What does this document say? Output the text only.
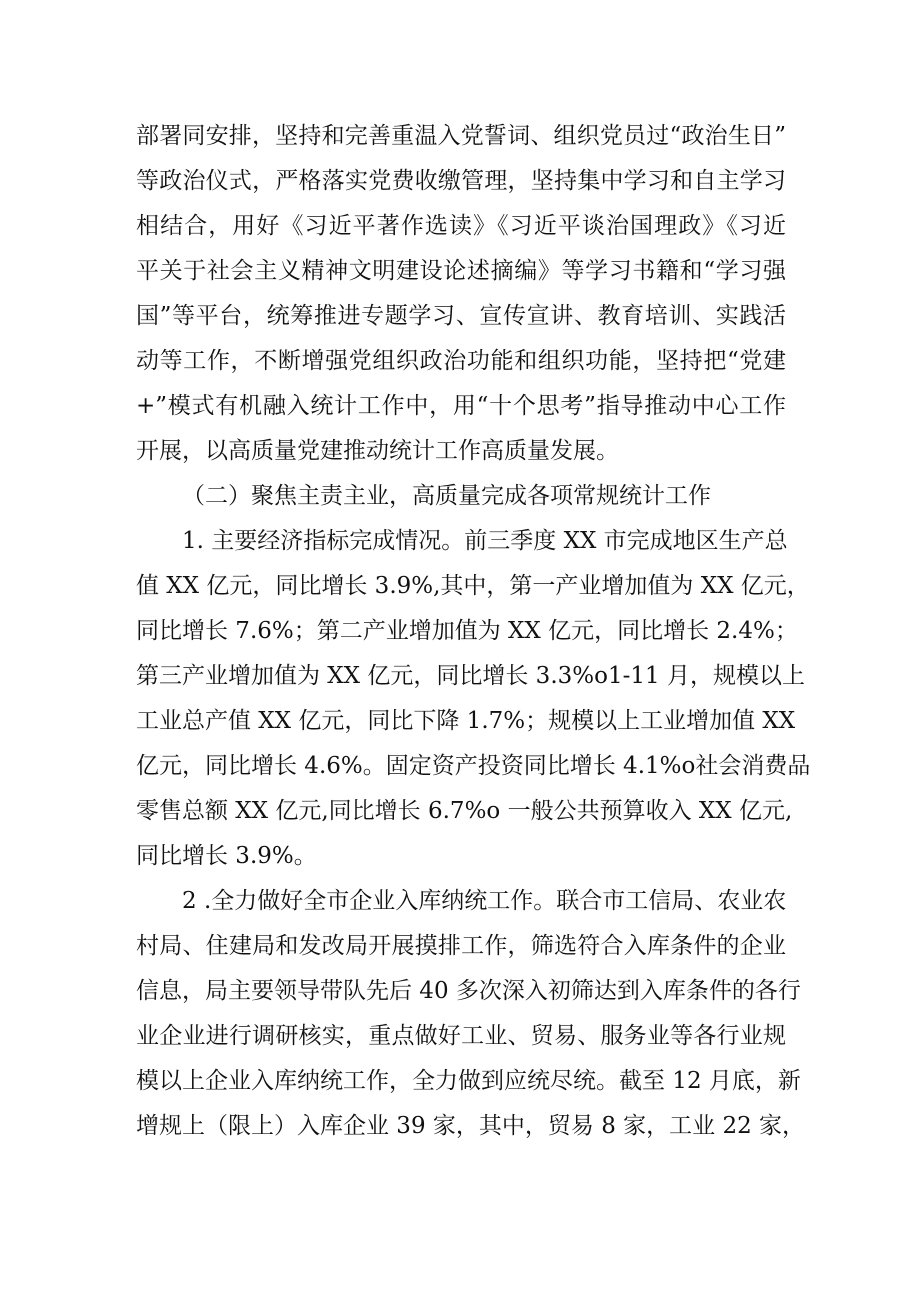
部署同安排，坚持和完善重温入党誓词、组织党员过“政治生日”
等政治仪式，严格落实党费收缴管理，坚持集中学习和自主学习
相结合，用好《习近平著作选读》《习近平谈治国理政》《习近
平关于社会主义精神文明建设论述摘编》等学习书籍和“学习强
国”等平台，统筹推进专题学习、宣传宣讲、教育培训、实践活
动等工作，不断增强党组织政治功能和组织功能，坚持把“党建
+”模式有机融入统计工作中，用“十个思考”指导推动中心工作
开展，以高质量党建推动统计工作高质量发展。
（二）聚焦主责主业，高质量完成各项常规统计工作
1. 主要经济指标完成情况。前三季度 XX 市完成地区生产总
值 XX 亿元，同比增长 3.9%,其中，第一产业增加值为 XX 亿元，
同比增长 7.6%；第二产业增加值为 XX 亿元，同比增长 2.4%；
第三产业增加值为 XX 亿元，同比增长 3.3%o1-11 月，规模以上
工业总产值 XX 亿元，同比下降 1.7%；规模以上工业增加值 XX
亿元，同比增长 4.6%。固定资产投资同比增长 4.1%o社会消费品
零售总额 XX 亿元,同比增长 6.7%o 一般公共预算收入 XX 亿元,
同比增长 3.9%。
2 .全力做好全市企业入库纳统工作。联合市工信局、农业农
村局、住建局和发改局开展摸排工作，筛选符合入库条件的企业
信息，局主要领导带队先后 40 多次深入初筛达到入库条件的各行
业企业进行调研核实，重点做好工业、贸易、服务业等各行业规
模以上企业入库纳统工作，全力做到应统尽统。截至 12 月底，新
增规上（限上）入库企业 39 家，其中，贸易 8 家，工业 22 家，
